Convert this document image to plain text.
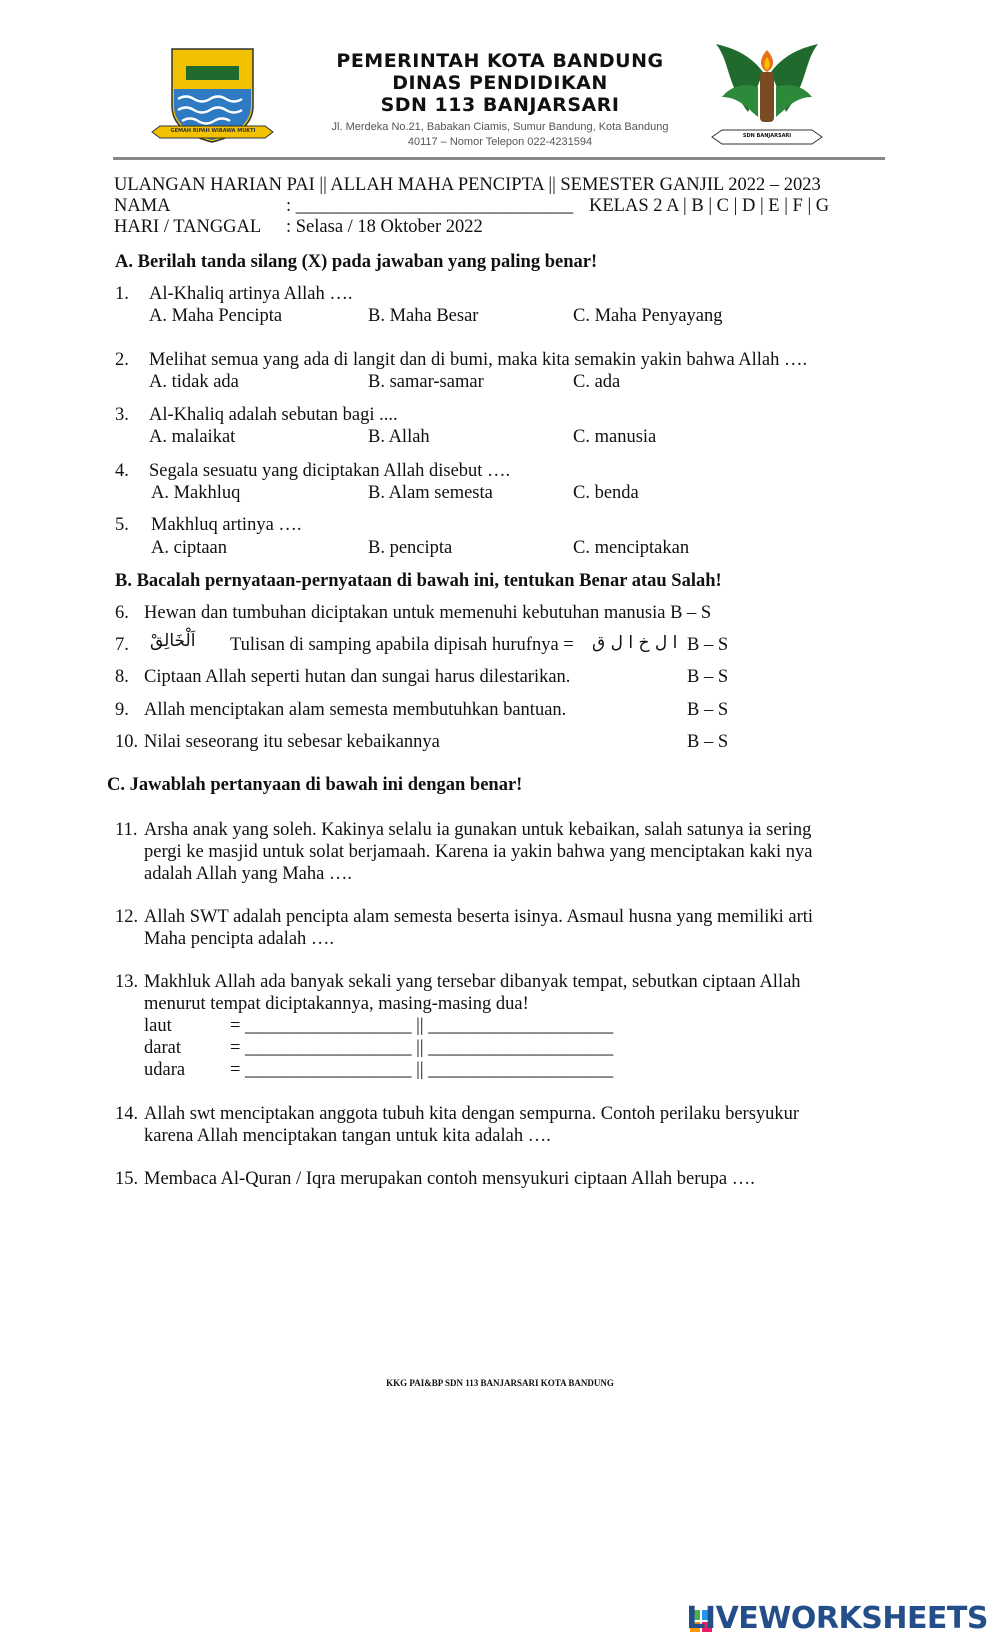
GEMAH RIPAH WIBAWA MUKTI
PEMERINTAH KOTA BANDUNG
DINAS PENDIDIKAN
SDN 113 BANJARSARI
Jl. Merdeka No.21, Babakan Ciamis, Sumur Bandung, Kota Bandung
40117 – Nomor Telepon 022-4231594	SDN BANJARSARI
ULANGAN HARIAN PAI || ALLAH MAHA PENCIPTA || SEMESTER GANJIL 2022 – 2023
NAMA	: ______________________________ KELAS 2 A | B | C | D | E | F | G
HARI / TANGGAL : Selasa / 18 Oktober 2022
A. Berilah tanda silang (X) pada jawaban yang paling benar!
1. Al-Khaliq artinya Allah ….
A. Maha Pencipta	B. Maha Besar	C. Maha Penyayang
2. Melihat semua yang ada di langit dan di bumi, maka kita semakin yakin bahwa Allah ….
A. tidak ada	B. samar-samar	C. ada
3. Al-Khaliq adalah sebutan bagi ....
A. malaikat	B. Allah	C. manusia
4. Segala sesuatu yang diciptakan Allah disebut ….
A. Makhluq	B. Alam semesta	C. benda
5. Makhluq artinya ….
A. ciptaan	B. pencipta	C. menciptakan
B. Bacalah pernyataan-pernyataan di bawah ini, tentukan Benar atau Salah!
6. Hewan dan tumbuhan diciptakan untuk memenuhi kebutuhan manusia B – S
7. اَلْخَالِقْ Tulisan di samping apabila dipisah hurufnya = ا ل خ ا ل ق B – S
8. Ciptaan Allah seperti hutan dan sungai harus dilestarikan.	B – S
9. Allah menciptakan alam semesta membutuhkan bantuan.	B – S
10. Nilai seseorang itu sebesar kebaikannya	B – S
C. Jawablah pertanyaan di bawah ini dengan benar!
11. Arsha anak yang soleh. Kakinya selalu ia gunakan untuk kebaikan, salah satunya ia sering
pergi ke masjid untuk solat berjamaah. Karena ia yakin bahwa yang menciptakan kaki nya
adalah Allah yang Maha ….
12. Allah SWT adalah pencipta alam semesta beserta isinya. Asmaul husna yang memiliki arti
Maha pencipta adalah ….
13. Makhluk Allah ada banyak sekali yang tersebar dibanyak tempat, sebutkan ciptaan Allah
menurut tempat diciptakannya, masing-masing dua!
laut	= __________________ || ____________________
darat	= __________________ || ____________________
udara = __________________ || ____________________
14. Allah swt menciptakan anggota tubuh kita dengan sempurna. Contoh perilaku bersyukur
karena Allah menciptakan tangan untuk kita adalah ….
15. Membaca Al-Quran / Iqra merupakan contoh mensyukuri ciptaan Allah berupa ….
KKG PAI&BP SDN 113 BANJARSARI KOTA BANDUNG
LIVEWORKSHEETS
